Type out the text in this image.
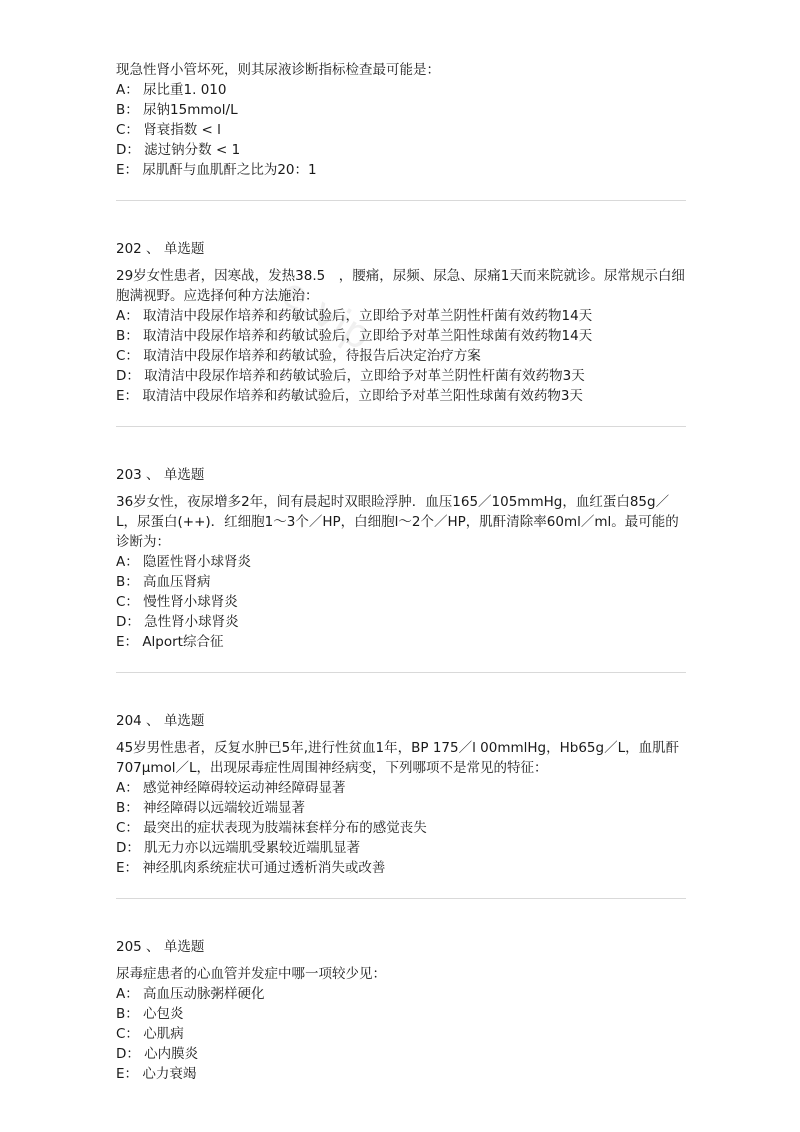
e.vip
现急性肾小管坏死，则其尿液诊断指标检查最可能是：
A： 尿比重1. 010
B： 尿钠15mmol/L
C： 肾衰指数 < l
D： 滤过钠分数 < 1
E： 尿肌酐与血肌酐之比为20：1
202 、 单选题
29岁女性患者，因寒战，发热38.5　，腰痛，尿频、尿急、尿痛1天而来院就诊。尿常规示白细胞满视野。应选择何种方法施治：
A： 取清洁中段尿作培养和药敏试验后，立即给予对革兰阴性杆菌有效药物14天
B： 取清洁中段尿作培养和药敏试验后，立即给予对革兰阳性球菌有效药物14天
C： 取清洁中段尿作培养和药敏试验，待报告后决定治疗方案
D： 取清洁中段尿作培养和药敏试验后，立即给予对革兰阴性杆菌有效药物3天
E： 取清洁中段尿作培养和药敏试验后，立即给予对革兰阳性球菌有效药物3天
203 、 单选题
36岁女性，夜尿增多2年，间有晨起时双眼睑浮肿．血压165／105mmHg，血红蛋白85g／L，尿蛋白(++)．红细胞1～3个／HP，白细胞l～2个／HP，肌酐清除率60ml／ml。最可能的诊断为：
A： 隐匿性肾小球肾炎
B： 高血压肾病
C： 慢性肾小球肾炎
D： 急性肾小球肾炎
E： Alport综合征
204 、 单选题
45岁男性患者，反复水肿已5年,进行性贫血1年，BP 175／l 00mmlHg，Hb65g／L，血肌酐707μmol／L，出现尿毒症性周围神经病变，下列哪项不是常见的特征：
A： 感觉神经障碍较运动神经障碍显著
B： 神经障碍以远端较近端显著
C： 最突出的症状表现为肢端袜套样分布的感觉丧失
D： 肌无力亦以远端肌受累较近端肌显著
E： 神经肌肉系统症状可通过透析消失或改善
205 、 单选题
尿毒症患者的心血管并发症中哪一项较少见：
A： 高血压动脉粥样硬化
B： 心包炎
C： 心肌病
D： 心内膜炎
E： 心力衰竭
